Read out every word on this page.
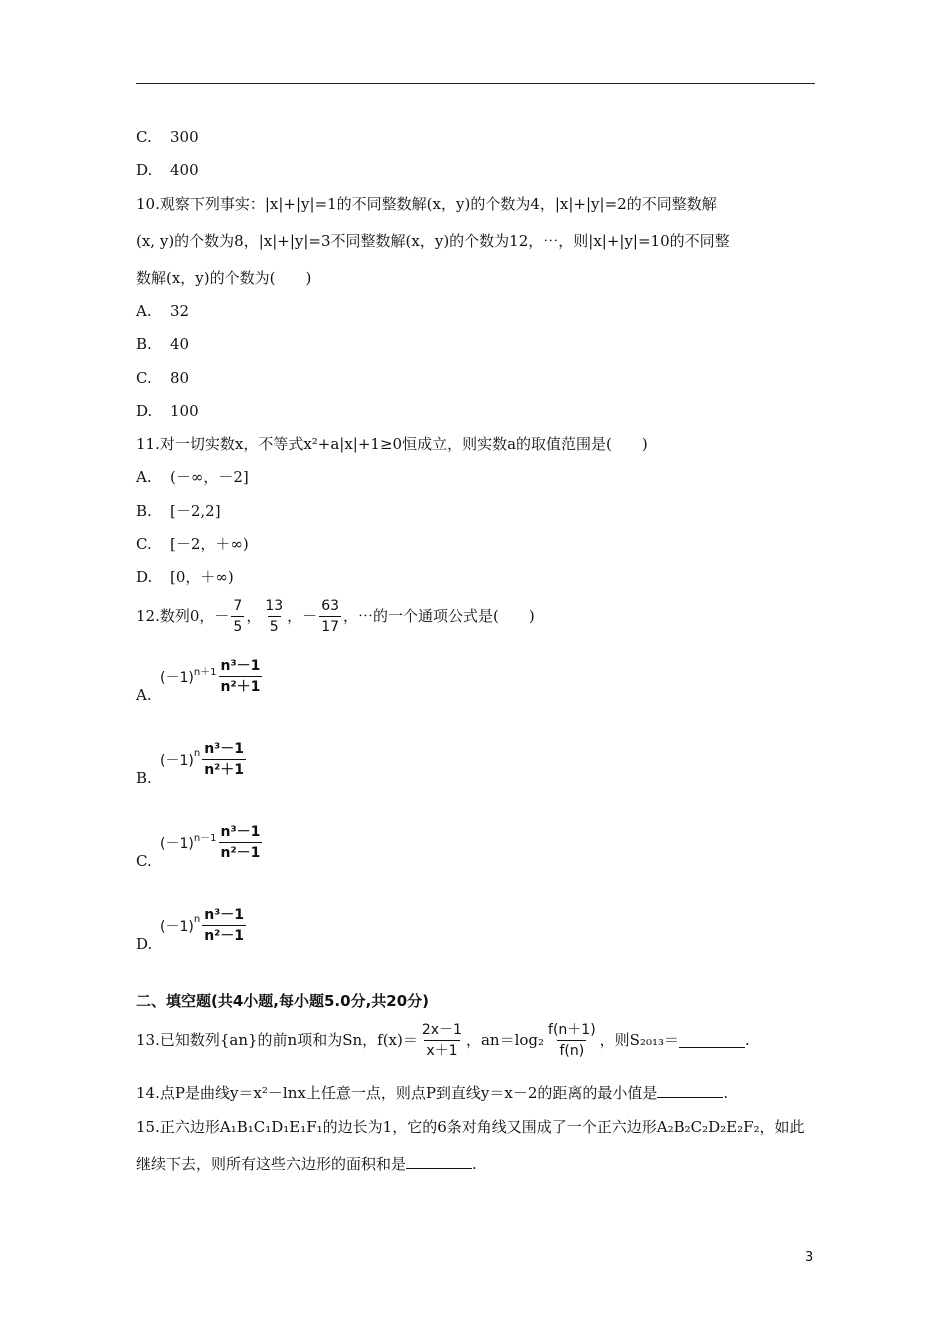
C. 300
D. 400
10.观察下列事实：|x|+|y|=1的不同整数解(x，y)的个数为4，|x|+|y|=2的不同整数解
(x, y)的个数为8，|x|+|y|=3不同整数解(x，y)的个数为12，⋯，则|x|+|y|=10的不同整
数解(x，y)的个数为(　　)
A. 32
B. 40
C. 80
D. 100
11.对一切实数x，不等式x²+a|x|+1≥0恒成立，则实数a的取值范围是(　　)
A. (－∞，－2]
B. [－2,2]
C. [－2，＋∞)
D. [0，＋∞)
12.数列0，－ $\frac{7}{5}$ ， $\frac{13}{5}$ ，－ $\frac{63}{17}$ ，⋯的一个通项公式是(　　)
A.
$(-1)^{n+1} \frac{\text{n³－1}}{\text{n²＋1}}$
B.
$(-1)^n \frac{\text{n³－1}}{\text{n²＋1}}$
C.
$(-1)^{n-1} \frac{\text{n³－1}}{\text{n²－1}}$
D.
$(-1)^n \frac{\text{n³－1}}{\text{n²－1}}$
二、填空题(共4小题,每小题5.0分,共20分)
13.已知数列{an}的前n项和为Sn，$f(x)= \frac{2x-1}{x+1}$ ，$an=\log_2 \frac{f(n+1)}{f(n)}$ ，则S₂₀₁₃＝	.
14.点P是曲线y＝x²－lnx上任意一点，则点P到直线y＝x－2的距离的最小值是	.
15.正六边形A₁B₁C₁D₁E₁F₁的边长为1，它的6条对角线又围成了一个正六边形A₂B₂C₂D₂E₂F₂，如此
继续下去，则所有这些六边形的面积和是	.
3
